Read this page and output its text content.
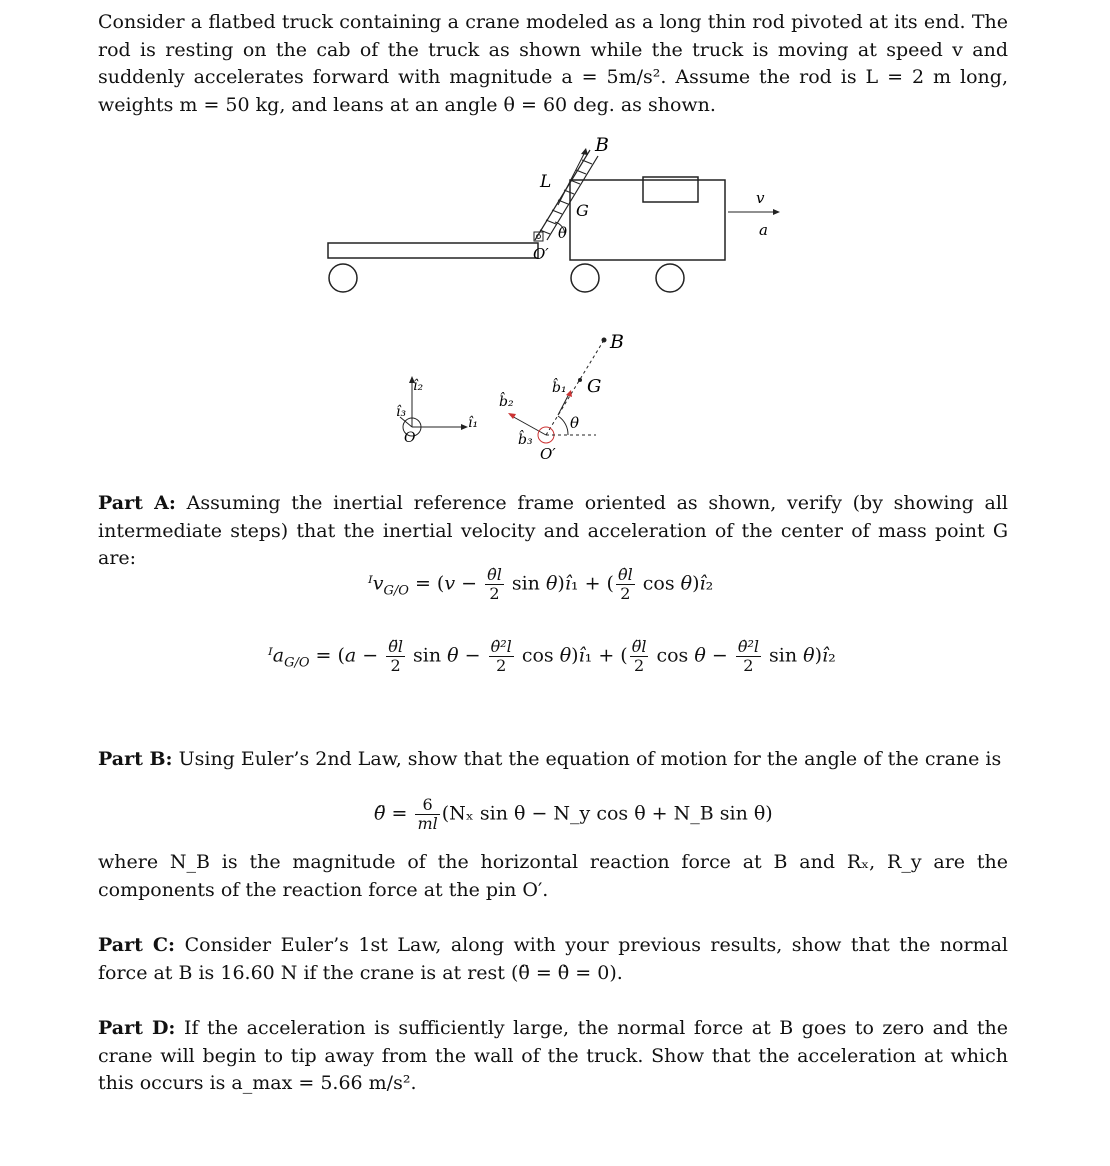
Consider a flatbed truck containing a crane modeled as a long thin rod pivoted at its end. The rod is resting on the cab of the truck as shown while the truck is moving at speed v and suddenly accelerates forward with magnitude a = 5m/s². Assume the rod is L = 2 m long, weights m = 50 kg, and leans at an angle θ = 60 deg. as shown.
B
L
G
θ
O′
v
a
î₂
î₁
î₃
O
B
G
b̂₁
b̂₂
b̂₃
θ
O′
Part A: Assuming the inertial reference frame oriented as shown, verify (by showing all intermediate steps) that the inertial velocity and acceleration of the center of mass point G are:
ᴵv$_{G/O}$ = ($v - \frac{\thetȧl}{2}$ sin θ)î₁ + ( $\frac{\thetȧl}{2}$ cos θ)î₂
ᴵa$_{G/O}$ = ($a - \frac{\thetäl}{2}$ $\sin \theta - \frac{\text{θ̇²l}}{2}$ cos θ)î₁ + ( $\frac{\thetäl}{2}$ $\cos \theta - \frac{\text{θ̇²l}}{2}$ sin θ)î₂
Part B: Using Euler’s 2nd Law, show that the equation of motion for the angle of the crane is
θ̈ = $\frac{6}{ml} (N_x$ sin θ − N_y cos θ + N_B sin θ)
where N_B is the magnitude of the horizontal reaction force at B and Rₓ, R_y are the components of the reaction force at the pin O′.
Part C: Consider Euler’s 1st Law, along with your previous results, show that the normal force at B is 16.60 N if the crane is at rest (θ̈ = θ̇ = 0).
Part D: If the acceleration is sufficiently large, the normal force at B goes to zero and the crane will begin to tip away from the wall of the truck. Show that the acceleration at which this occurs is a_max = 5.66 m/s².
